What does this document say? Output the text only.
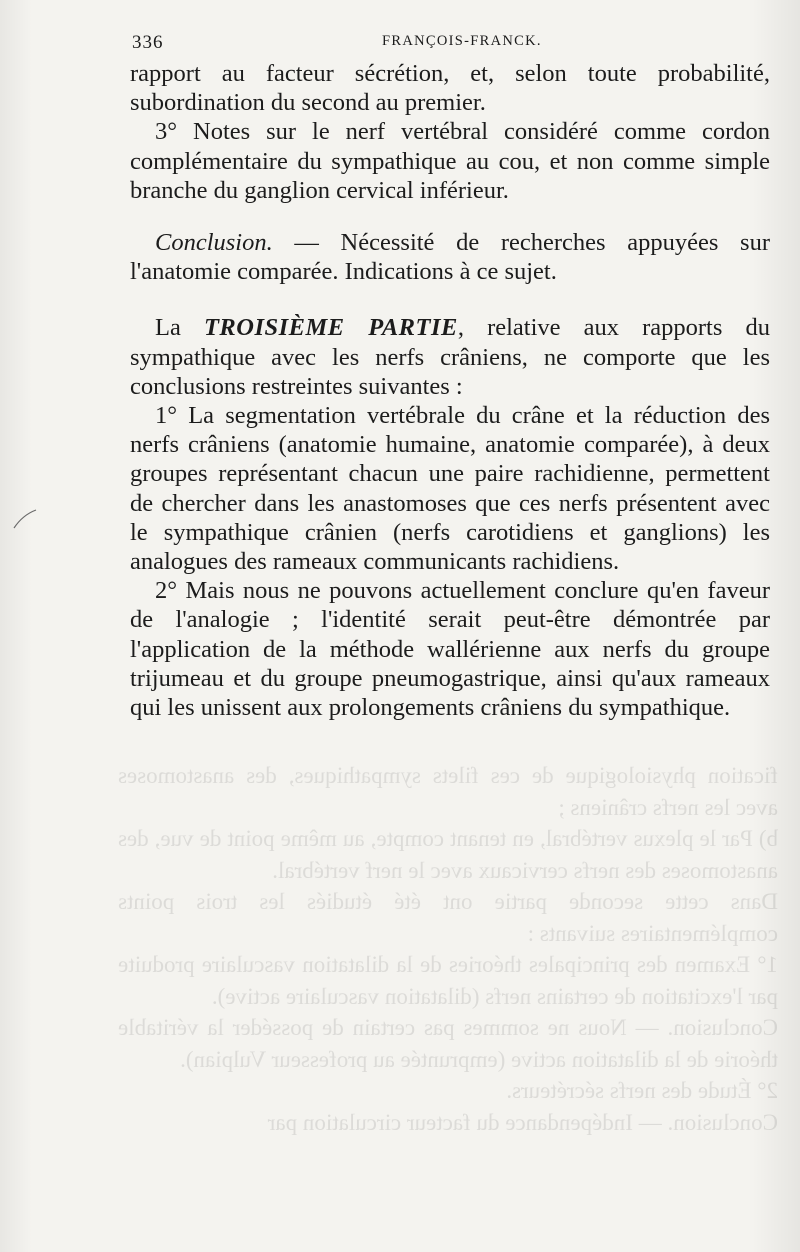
fication physiologique de ces filets sympathiques, des anastomoses avec les nerfs crâniens ;

b) Par le plexus vertébral, en tenant compte, au même point de vue, des anastomoses des nerfs cervicaux avec le nerf vertébral.

Dans cette seconde partie ont été étudiés les trois points complémentaires suivants :

1° Examen des principales théories de la dilatation vasculaire produite par l'excitation de certains nerfs (dilatation vasculaire active).

Conclusion. — Nous ne sommes pas certain de posséder la véritable théorie de la dilatation active (empruntée au professeur Vulpian).

2° Étude des nerfs sécréteurs.

Conclusion. — Indépendance du facteur circulation par

336	FRANÇOIS-FRANCK.

rapport au facteur sécrétion, et, selon toute probabilité, subordination du second au premier.

3° Notes sur le nerf vertébral considéré comme cordon complémentaire du sympathique au cou, et non comme simple branche du ganglion cervical inférieur.

Conclusion. — Nécessité de recherches appuyées sur l'anatomie comparée. Indications à ce sujet.

La TROISIÈME PARTIE, relative aux rapports du sympathique avec les nerfs crâniens, ne comporte que les conclusions restreintes suivantes :

1° La segmentation vertébrale du crâne et la réduction des nerfs crâniens (anatomie humaine, anatomie comparée), à deux groupes représentant chacun une paire rachidienne, permettent de chercher dans les anastomoses que ces nerfs présentent avec le sympathique crânien (nerfs carotidiens et ganglions) les analogues des rameaux communicants rachidiens.

2° Mais nous ne pouvons actuellement conclure qu'en faveur de l'analogie ; l'identité serait peut-être démontrée par l'application de la méthode wallérienne aux nerfs du groupe trijumeau et du groupe pneumogastrique, ainsi qu'aux rameaux qui les unissent aux prolongements crâniens du sympathique.
